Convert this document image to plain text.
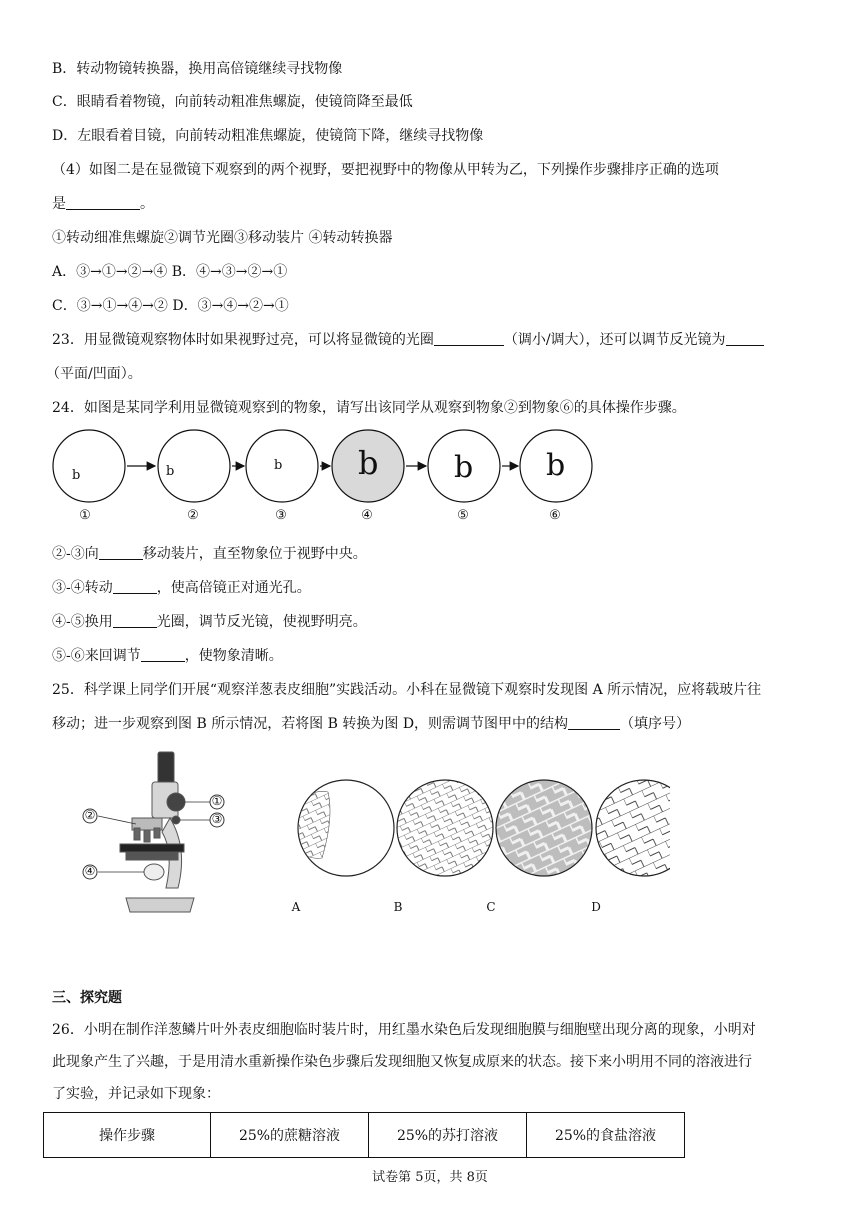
B．转动物镜转换器，换用高倍镜继续寻找物像
C．眼睛看着物镜，向前转动粗准焦螺旋，使镜筒降至最低
D．左眼看着目镜，向前转动粗准焦螺旋，使镜筒下降，继续寻找物像
（4）如图二是在显微镜下观察到的两个视野，要把视野中的物像从甲转为乙，下列操作步骤排序正确的选项
是	。
①转动细准焦螺旋②调节光圈③移动装片 ④转动转换器
A．③→①→②→④ B．④→③→②→①
C．③→①→④→② D．③→④→②→①
23．用显微镜观察物体时如果视野过亮，可以将显微镜的光圈	（调小/调大），还可以调节反光镜为
（平面/凹面）。
24．如图是某同学利用显微镜观察到的物象，请写出该同学从观察到物象②到物象⑥的具体操作步骤。
b	b	b b	b b
①	②	③	④	⑤	⑥
②-③向	移动装片，直至物象位于视野中央。
③-④转动	，使高倍镜正对通光孔。
④-⑤换用	光圈，调节反光镜，使视野明亮。
⑤-⑥来回调节	，使物象清晰。
25．科学课上同学们开展“观察洋葱表皮细胞”实践活动。小科在显微镜下观察时发现图 A 所示情况，应将载玻片往
移动；进一步观察到图 B 所示情况，若将图 B 转换为图 D，则需调节图甲中的结构	（填序号）
①
③
②
④
A	B	C	D
三、探究题
26．小明在制作洋葱鳞片叶外表皮细胞临时装片时，用红墨水染色后发现细胞膜与细胞壁出现分离的现象，小明对
此现象产生了兴趣，于是用清水重新操作染色步骤后发现细胞又恢复成原来的状态。接下来小明用不同的溶液进行
了实验，并记录如下现象：
操作步骤	25%的蔗糖溶液	25%的苏打溶液	25%的食盐溶液
试卷第 5页，共 8页
